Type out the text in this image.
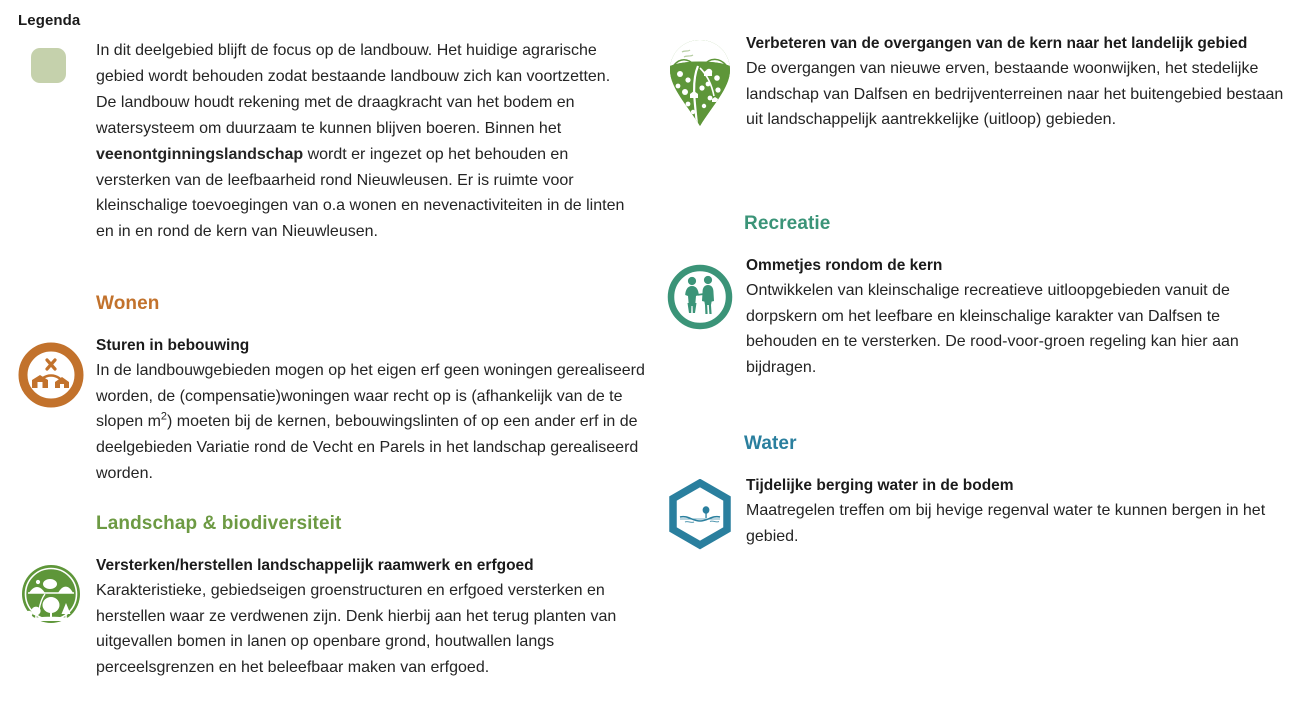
Legenda

In dit deelgebied blijft de focus op de landbouw. Het huidige agrarische gebied wordt behouden zodat bestaande landbouw zich kan voortzetten. De landbouw houdt rekening met de draagkracht van het bodem en watersysteem om duurzaam te kunnen blijven boeren. Binnen het veenontginningslandschap wordt er ingezet op het behouden en versterken van de leefbaarheid rond Nieuwleusen. Er is ruimte voor kleinschalige toevoegingen van o.a wonen en nevenactiviteiten in de linten en in en rond de kern van Nieuwleusen.

Wonen

Sturen in bebouwing

In de landbouwgebieden mogen op het eigen erf geen woningen gerealiseerd worden, de (compensatie)woningen waar recht op is (afhankelijk van de te slopen $m^2$) moeten bij de kernen, bebouwingslinten of op een ander erf in de deelgebieden Variatie rond de Vecht en Parels in het landschap gerealiseerd worden.

Landschap & biodiversiteit

Versterken/herstellen landschappelijk raamwerk en erfgoed

Karakteristieke, gebiedseigen groenstructuren en erfgoed versterken en herstellen waar ze verdwenen zijn. Denk hierbij aan het terug planten van uitgevallen bomen in lanen op openbare grond, houtwallen langs perceelsgrenzen en het beleefbaar maken van erfgoed.

Verbeteren van de overgangen van de kern naar het landelijk gebied

De overgangen van nieuwe erven, bestaande woonwijken, het stedelijke landschap van Dalfsen en bedrijventerreinen naar het buitengebied bestaan uit landschappelijk aantrekkelijke (uitloop) gebieden.

Recreatie

Ommetjes rondom de kern

Ontwikkelen van kleinschalige recreatieve uitloopgebieden vanuit de dorpskern om het leefbare en kleinschalige karakter van Dalfsen te behouden en te versterken. De rood-voor-groen regeling kan hier aan bijdragen.

Water

Tijdelijke berging water in de bodem

Maatregelen treffen om bij hevige regenval water te kunnen bergen in het gebied.
